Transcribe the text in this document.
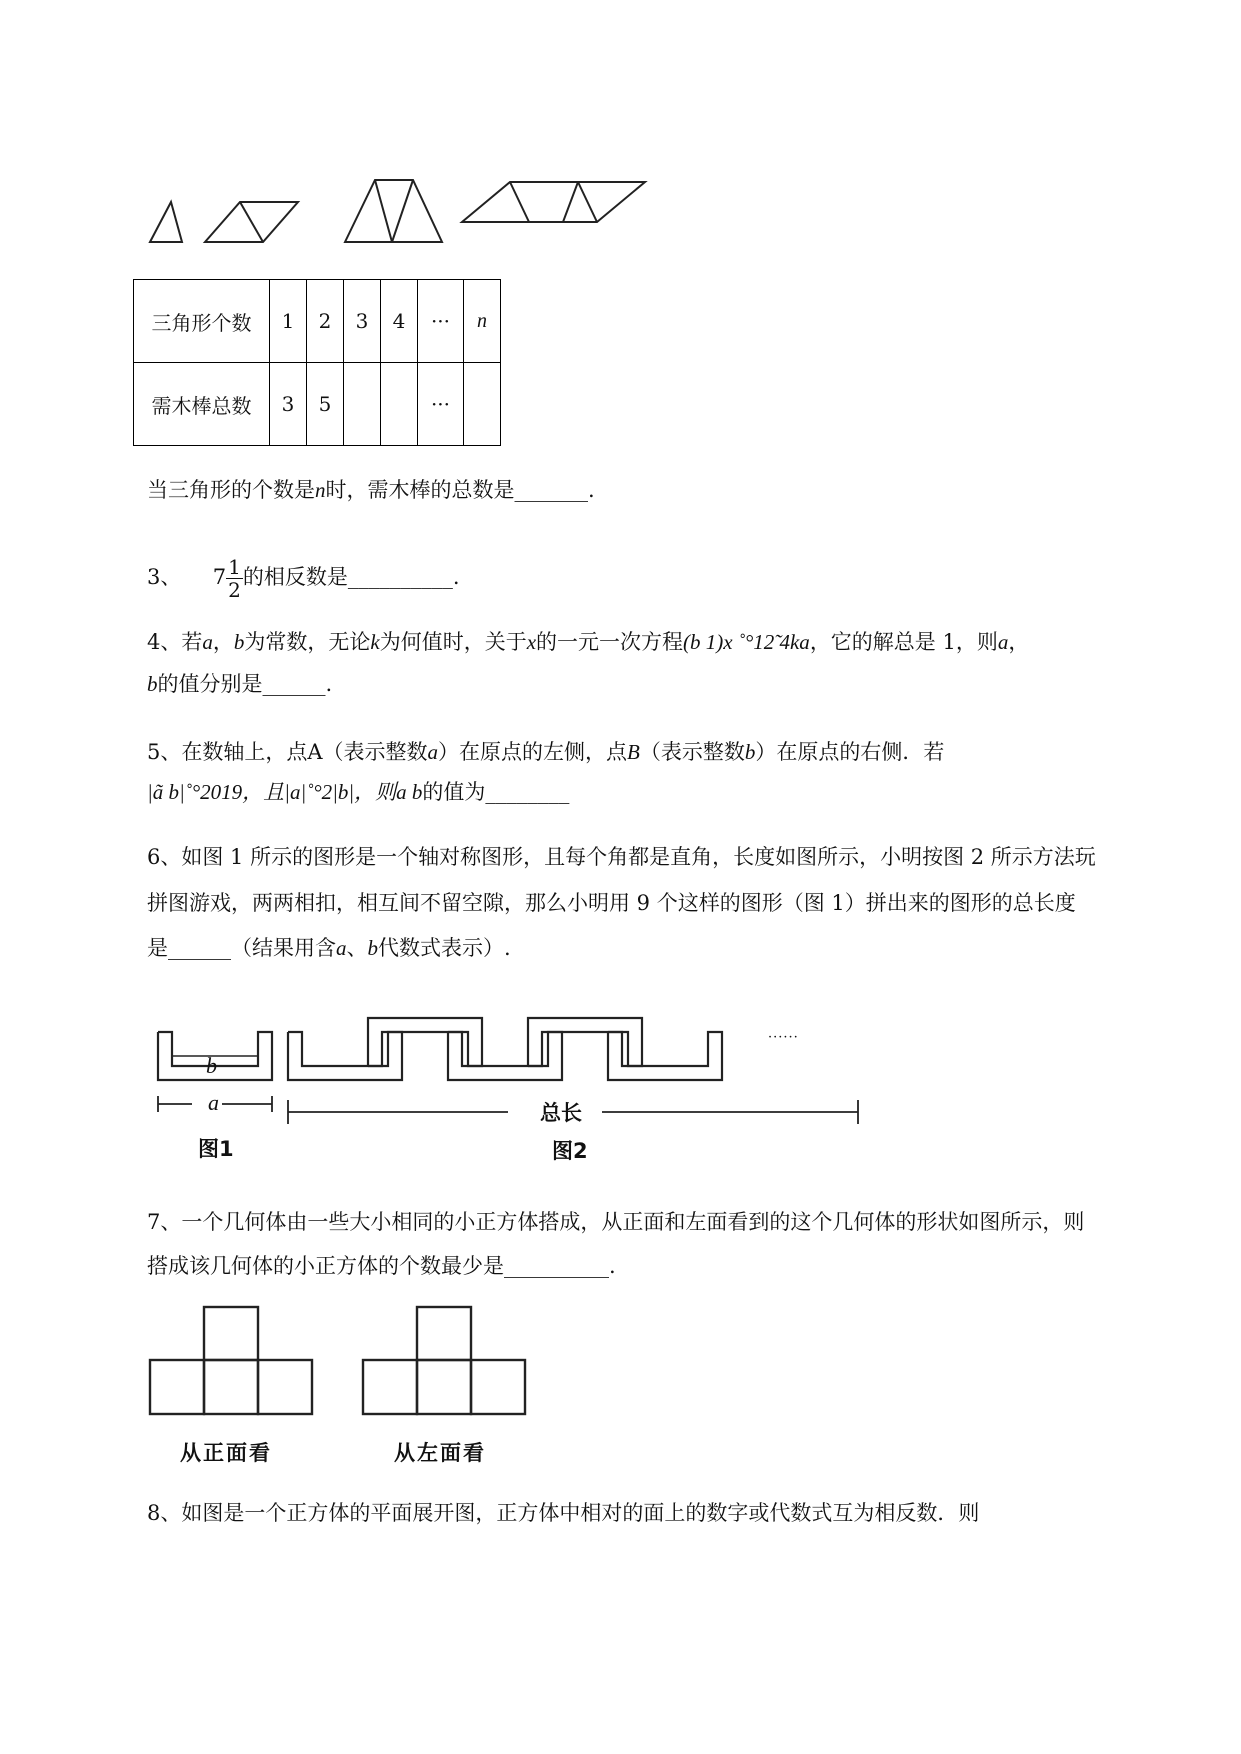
三角形个数	1	2	3	4	···	n
需木棒总数	3	5			···	
当三角形的个数是n时，需木棒的总数是_______.
3、 $7 \frac{1}{2}$ 的相反数是__________.
4、若a，b为常数，无论k为何值时，关于x的一元一次方程(b 1)x ˚°12̃ 4ka，它的解总是 1，则a，
b的值分别是______.
5、在数轴上，点A（表示整数a）在原点的左侧，点B（表示整数b）在原点的右侧．若
|ã b|˚°2019，且|a|˚°2|b|，则a b的值为________
6、如图 1 所示的图形是一个轴对称图形，且每个角都是直角，长度如图所示，小明按图 2 所示方法玩
拼图游戏，两两相扣，相互间不留空隙，那么小明用 9 个这样的图形（图 1）拼出来的图形的总长度
是______（结果用含a、b代数式表示）.
b
a
图1
总长
图2
······
7、一个几何体由一些大小相同的小正方体搭成，从正面和左面看到的这个几何体的形状如图所示，则
搭成该几何体的小正方体的个数最少是__________.
从正面看	从左面看
8、如图是一个正方体的平面展开图，正方体中相对的面上的数字或代数式互为相反数．则
